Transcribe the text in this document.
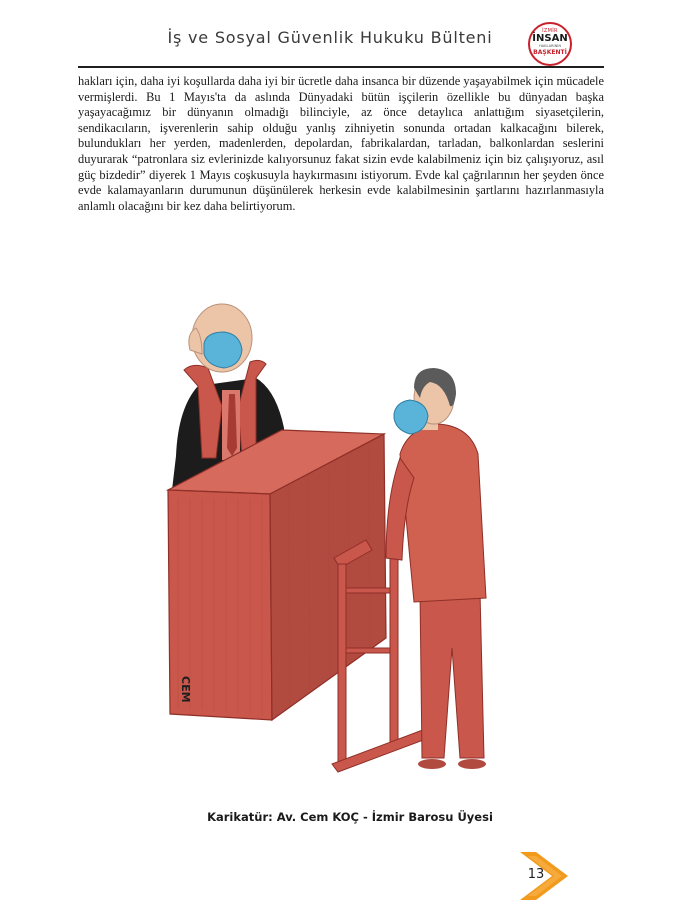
İş ve Sosyal Güvenlik Hukuku Bülteni	İZMİR
İNSAN
HAKLARININ
BAŞKENTİ

hakları için, daha iyi koşullarda daha iyi bir ücretle daha insanca bir düzende yaşayabilmek için mücadele vermişlerdi. Bu 1 Mayıs'ta da aslında Dünyadaki bütün işçilerin özellikle bu dünyadan başka yaşayacağımız bir dünyanın olmadığı bilinciyle, az önce detaylıca anlattığım siyasetçilerin, sendikacıların, işverenlerin sahip olduğu yanlış zihniyetin sonunda ortadan kalkacağını bilerek, bulundukları her yerden, madenlerden, depolardan, fabrikalardan, tarladan, balkonlardan seslerini duyurarak “patronlara siz evlerinizde kalıyorsunuz fakat sizin evde kalabilmeniz için biz çalışıyoruz, asıl güç bizdedir” diyerek 1 Mayıs coşkusuyla haykırmasını istiyorum. Evde kal çağrılarının her şeyden önce evde kalamayanların durumunun düşünülerek herkesin evde kalabilmesinin şartlarını hazırlanmasıyla anlamlı olacağını bir kez daha belirtiyorum.

CEM
Karikatür: Av. Cem KOÇ - İzmir Barosu Üyesi
13
